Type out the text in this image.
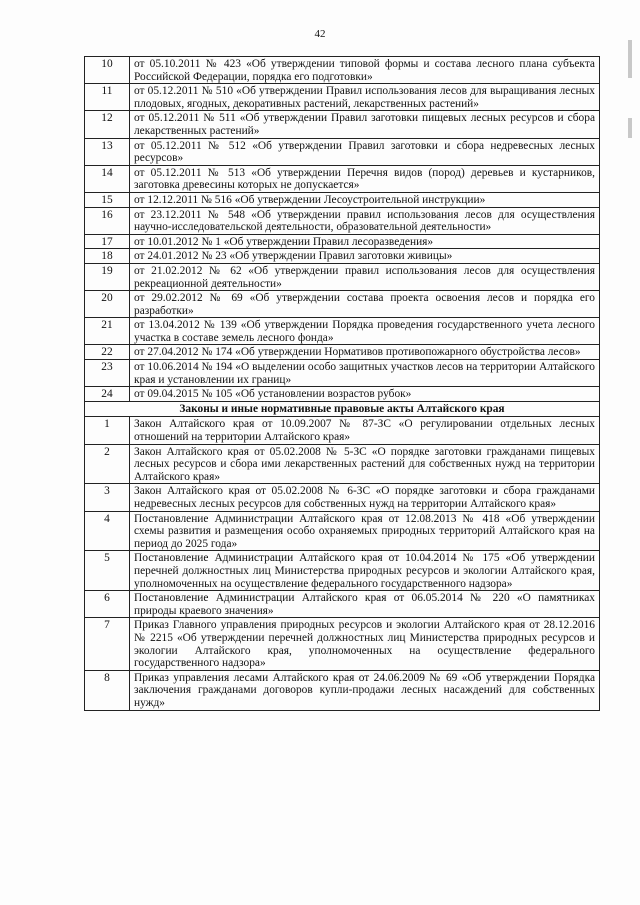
42
10	от 05.10.2011 № 423 «Об утверждении типовой формы и состава лесного плана субъекта Российской Федерации, порядка его подготовки»
11	от 05.12.2011 № 510 «Об утверждении Правил использования лесов для выращивания лесных плодовых, ягодных, декоративных растений, лекарственных растений»
12	от 05.12.2011 № 511 «Об утверждении Правил заготовки пищевых лесных ресурсов и сбора лекарственных растений»
13	от 05.12.2011 № 512 «Об утверждении Правил заготовки и сбора недревесных лесных ресурсов»
14	от 05.12.2011 № 513 «Об утверждении Перечня видов (пород) деревьев и кустарников, заготовка древесины которых не допускается»
15	от 12.12.2011 № 516 «Об утверждении Лесоустроительной инструкции»
16	от 23.12.2011 № 548 «Об утверждении правил использования лесов для осуществления научно-исследовательской деятельности, образовательной деятельности»
17	от 10.01.2012 № 1 «Об утверждении Правил лесоразведения»
18	от 24.01.2012 № 23 «Об утверждении Правил заготовки живицы»
19	от 21.02.2012 № 62 «Об утверждении правил использования лесов для осуществления рекреационной деятельности»
20	от 29.02.2012 № 69 «Об утверждении состава проекта освоения лесов и порядка его разработки»
21	от 13.04.2012 № 139 «Об утверждении Порядка проведения государственного учета лесного участка в составе земель лесного фонда»
22	от 27.04.2012 № 174 «Об утверждении Нормативов противопожарного обустройства лесов»
23	от 10.06.2014 № 194 «О выделении особо защитных участков лесов на территории Алтайского края и установлении их границ»
24	от 09.04.2015 № 105 «Об установлении возрастов рубок»
Законы и иные нормативные правовые акты Алтайского края	
1	Закон Алтайского края от 10.09.2007 № 87-ЗС «О регулировании отдельных лесных отношений на территории Алтайского края»
2	Закон Алтайского края от 05.02.2008 № 5-ЗС «О порядке заготовки гражданами пищевых лесных ресурсов и сбора ими лекарственных растений для собственных нужд на территории Алтайского края»
3	Закон Алтайского края от 05.02.2008 № 6-ЗС «О порядке заготовки и сбора гражданами недревесных лесных ресурсов для собственных нужд на территории Алтайского края»
4	Постановление Администрации Алтайского края от 12.08.2013 № 418 «Об утверждении схемы развития и размещения особо охраняемых природных территорий Алтайского края на период до 2025 года»
5	Постановление Администрации Алтайского края от 10.04.2014 № 175 «Об утверждении перечней должностных лиц Министерства природных ресурсов и экологии Алтайского края, уполномоченных на осуществление федерального государственного надзора»
6	Постановление Администрации Алтайского края от 06.05.2014 № 220 «О памятниках природы краевого значения»
7	Приказ Главного управления природных ресурсов и экологии Алтайского края от 28.12.2016 № 2215 «Об утверждении перечней должностных лиц Министерства природных ресурсов и экологии Алтайского края, уполномоченных на осуществление федерального государственного надзора»
8	Приказ управления лесами Алтайского края от 24.06.2009 № 69 «Об утверждении Порядка заключения гражданами договоров купли-продажи лесных насаждений для собственных нужд»
